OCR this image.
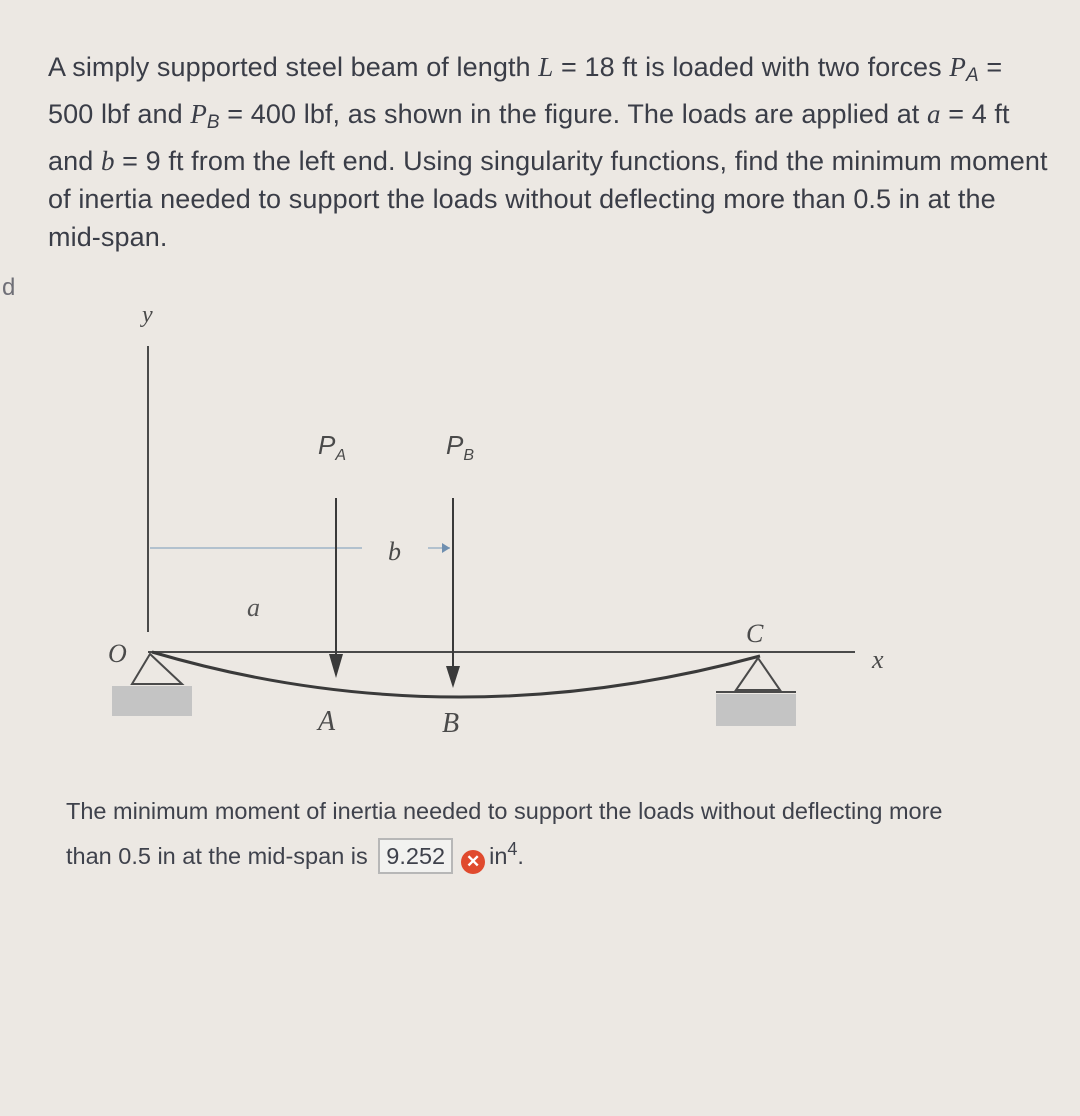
d
A simply supported steel beam of length L = 18 ft is loaded with two forces $P_A = 500$ lbf and $P_B = 400$ lbf, as shown in the figure. The loads are applied at a = 4 ft and b = 9 ft from the left end. Using singularity functions, find the minimum moment of inertia needed to support the loads without deflecting more than 0.5 in at the mid-span.
y
x
O
a
b
$P_A$	$P_B$
A	B
C
The minimum moment of inertia needed to support the loads without deflecting more than 0.5 in at the mid-span is 9.252 ✕ $in^4$.
